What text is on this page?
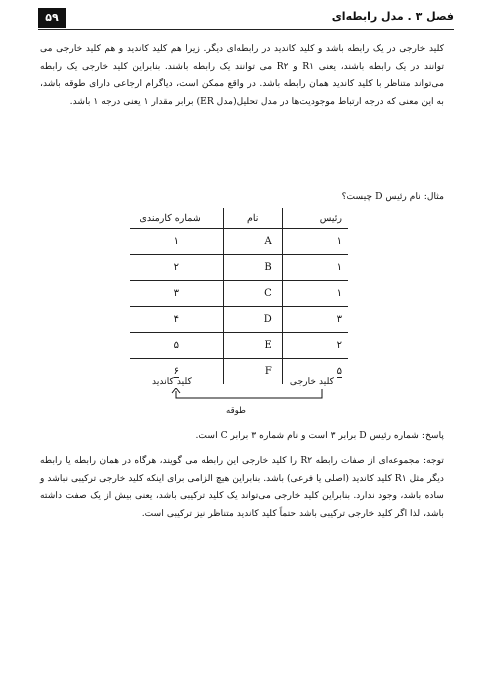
فصل ۳ . مدل رابطه‌ای
۵۹
کلید خارجی در یک رابطه باشد و کلید کاندید در رابطه‌ای دیگر. زیرا هم کلید کاندید و هم کلید خارجی می توانند در یک رابطه باشند، یعنی R۱ و R۲ می توانند یک رابطه باشند. بنابراین کلید خارجی یک رابطه می‌تواند متناظر با کلید کاندید همان رابطه باشد. در واقع ممکن است، دیاگرام ارجاعی دارای طوقه باشد، به این معنی که درجه ارتباط موجودیت‌ها در مدل تحلیل(مدل ER) برابر مقدار ۱ یعنی درجه ۱ باشد.
مثال: نام رئیس D چیست؟
رئیس	نام	شماره کارمندی
۱	A	۱
۱	B	۲
۱	C	۳
۳	D	۴
۲	E	۵
۵	F	۶
کلید خارجی
کلید کاندید
طوقه
پاسخ: شماره رئیس D برابر ۳ است و نام شماره ۳ برابر C است.
توجه: مجموعه‌ای از صفات رابطه R۲ را کلید خارجی این رابطه می گویند، هرگاه در همان رابطه یا رابطه دیگر مثل R۱ کلید کاندید (اصلی یا فرعی) باشد. بنابراین هیچ الزامی برای اینکه کلید خارجی ترکیبی نباشد و ساده باشد، وجود ندارد. بنابراین کلید خارجی می‌تواند یک کلید ترکیبی باشد، یعنی بیش از یک صفت داشته باشد، لذا اگر کلید خارجی ترکیبی باشد حتماً کلید کاندید متناظر نیز ترکیبی است.
